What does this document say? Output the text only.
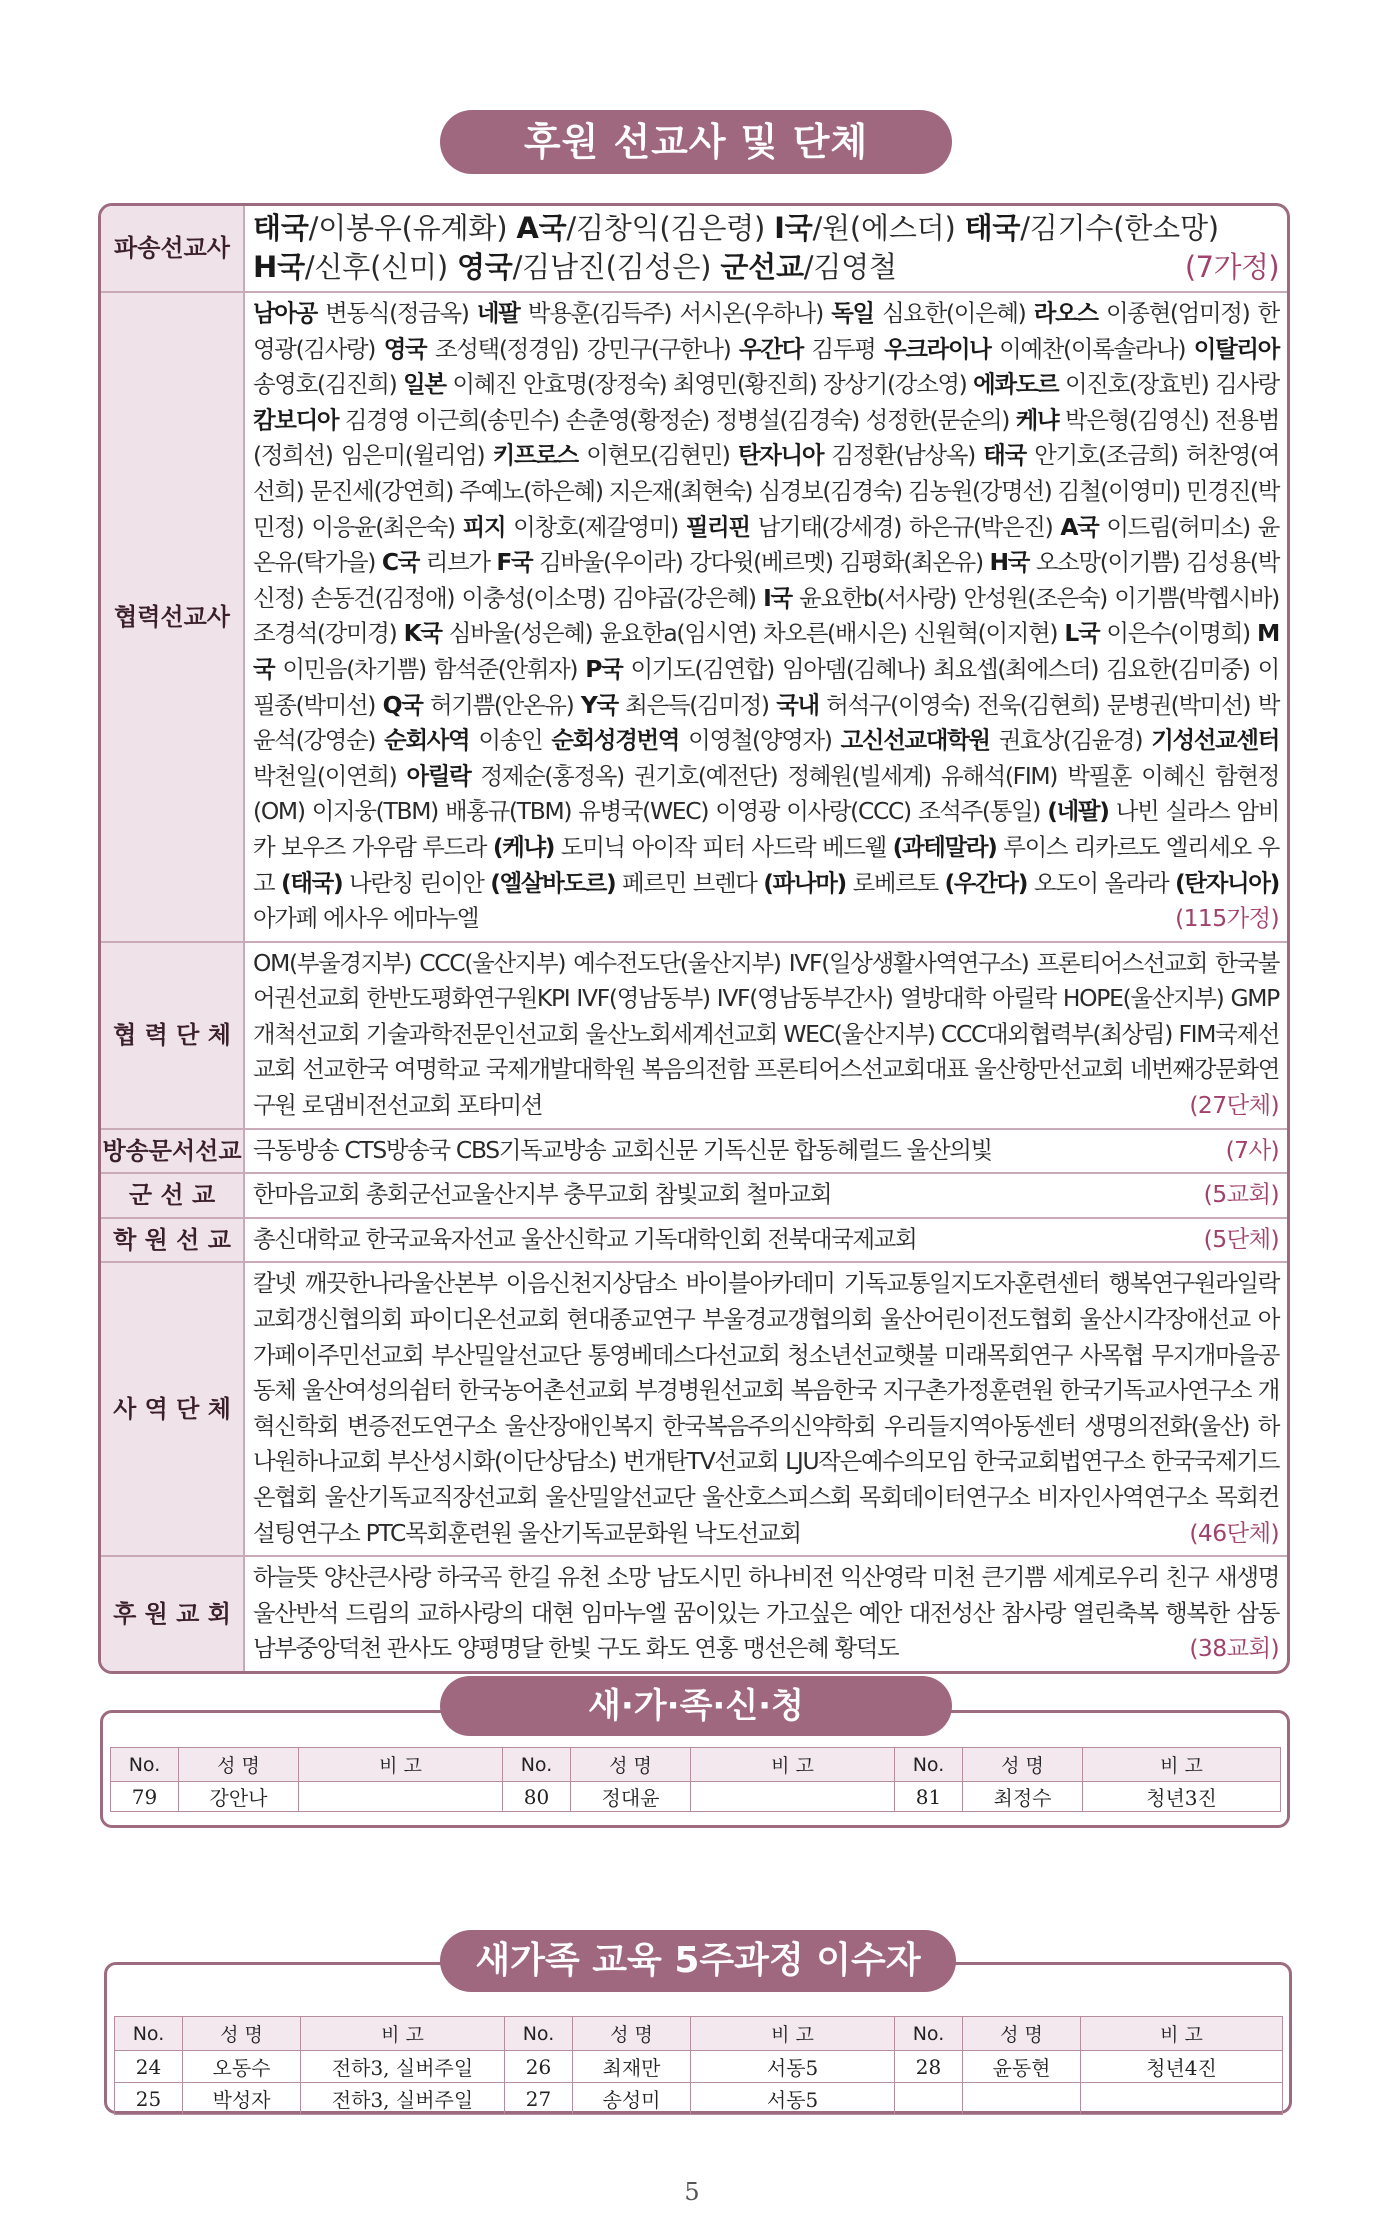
후원 선교사 및 단체
파송선교사
태국/이봉우(유계화) A국/김창익(김은령) I국/원(에스더) 태국/김기수(한소망)
H국/신후(신미) 영국/김남진(김성은) 군선교/김영철	(7가정)
협력선교사
남아공 변동식(정금옥) 네팔 박용훈(김득주) 서시온(우하나) 독일 심요한(이은혜) 라오스 이종현(엄미정) 한영광(김사랑) 영국 조성택(정경임) 강민구(구한나) 우간다 김두평 우크라이나 이예찬(이록솔라나) 이탈리아 송영호(김진희) 일본 이혜진 안효명(장정숙) 최영민(황진희) 장상기(강소영) 에콰도르 이진호(장효빈) 김사랑 캄보디아 김경영 이근희(송민수) 손춘영(황정순) 정병설(김경숙) 성정한(문순의) 케냐 박은형(김영신) 전용범(정희선) 임은미(윌리엄) 키프로스 이현모(김현민) 탄자니아 김정환(남상옥) 태국 안기호(조금희) 허찬영(여선희) 문진세(강연희) 주예노(하은혜) 지은재(최현숙) 심경보(김경숙) 김농원(강명선) 김철(이영미) 민경진(박민정) 이응윤(최은숙) 피지 이창호(제갈영미) 필리핀 남기태(강세경) 하은규(박은진) A국 이드림(허미소) 윤온유(탁가을) C국 리브가 F국 김바울(우이라) 강다윗(베르멧) 김평화(최온유) H국 오소망(이기쁨) 김성용(박신정) 손동건(김정애) 이충성(이소명) 김야곱(강은혜) I국 윤요한b(서사랑) 안성원(조은숙) 이기쁨(박헵시바) 조경석(강미경) K국 심바울(성은혜) 윤요한a(임시연) 차오른(배시은) 신원혁(이지현) L국 이은수(이명희) M국 이민음(차기쁨) 함석준(안휘자) P국 이기도(김연합) 임아뎀(김혜나) 최요셉(최에스더) 김요한(김미중) 이필종(박미선) Q국 허기쁨(안온유) Y국 최은득(김미정) 국내 허석구(이영숙) 전욱(김현희) 문병권(박미선) 박윤석(강영순) 순회사역 이송인 순회성경번역 이영철(양영자) 고신선교대학원 권효상(김윤경) 기성선교센터 박천일(이연희) 아릴락 정제순(홍정옥) 권기호(예전단) 정혜원(빌세계) 유해석(FIM) 박필훈 이혜신 함현정(OM) 이지웅(TBM) 배홍규(TBM) 유병국(WEC) 이영광 이사랑(CCC) 조석주(통일) (네팔) 나빈 실라스 암비카 보우즈 가우람 루드라 (케냐) 도미닉 아이작 피터 사드락 베드웰 (과테말라) 루이스 리카르도 엘리세오 우고 (태국) 나란칭 린이안 (엘살바도르) 페르민 브렌다 (파나마) 로베르토 (우간다) 오도이 올라라 (탄자니아) 아가페 에사우 에마누엘	(115가정)
협 력 단 체
OM(부울경지부) CCC(울산지부) 예수전도단(울산지부) IVF(일상생활사역연구소) 프론티어스선교회 한국불어권선교회 한반도평화연구원KPI IVF(영남동부) IVF(영남동부간사) 열방대학 아릴락 HOPE(울산지부) GMP개척선교회 기술과학전문인선교회 울산노회세계선교회 WEC(울산지부) CCC대외협력부(최상림) FIM국제선교회 선교한국 여명학교 국제개발대학원 복음의전함 프론티어스선교회대표 울산항만선교회 네번째강문화연구원 로댐비전선교회 포타미션	(27단체)
방송문서선교 극동방송 CTS방송국 CBS기독교방송 교회신문 기독신문 합동헤럴드 울산의빛	(7사)
군 선 교	한마음교회 총회군선교울산지부 충무교회 참빛교회 철마교회	(5교회)
학 원 선 교 총신대학교 한국교육자선교 울산신학교 기독대학인회 전북대국제교회	(5단체)
사 역 단 체
칼넷 깨끗한나라울산본부 이음신천지상담소 바이블아카데미 기독교통일지도자훈련센터 행복연구원라일락 교회갱신협의회 파이디온선교회 현대종교연구 부울경교갱협의회 울산어린이전도협회 울산시각장애선교 아가페이주민선교회 부산밀알선교단 통영베데스다선교회 청소년선교햇불 미래목회연구 사목협 무지개마을공동체 울산여성의쉼터 한국농어촌선교회 부경병원선교회 복음한국 지구촌가정훈련원 한국기독교사연구소 개혁신학회 변증전도연구소 울산장애인복지 한국복음주의신약학회 우리들지역아동센터 생명의전화(울산) 하나원하나교회 부산성시화(이단상담소) 번개탄TV선교회 LJU작은예수의모임 한국교회법연구소 한국국제기드온협회 울산기독교직장선교회 울산밀알선교단 울산호스피스회 목회데이터연구소 비자인사역연구소 목회컨설팅연구소 PTC목회훈련원 울산기독교문화원 낙도선교회	(46단체)
후 원 교 회
하늘뜻 양산큰사랑 하국곡 한길 유천 소망 남도시민 하나비전 익산영락 미천 큰기쁨 세계로우리 친구 새생명 울산반석 드림의 교하사랑의 대현 임마누엘 꿈이있는 가고싶은 예안 대전성산 참사랑 열린축복 행복한 삼동 남부중앙덕천 관사도 양평명달 한빛 구도 화도 연홍 맹선은혜 황덕도	(38교회)
새·가·족·신·청
No.	성 명	비 고	No.	성 명	비 고	No.	성 명	비 고
79	강안나		80	정대윤		81	최정수	청년3진
새가족 교육 5주과정 이수자
No.	성 명	비 고	No.	성 명	비 고	No.	성 명	비 고
24	오동수	전하3, 실버주일	26	최재만	서동5	28	윤동현	청년4진
25	박성자	전하3, 실버주일	27	송성미	서동5			
5
